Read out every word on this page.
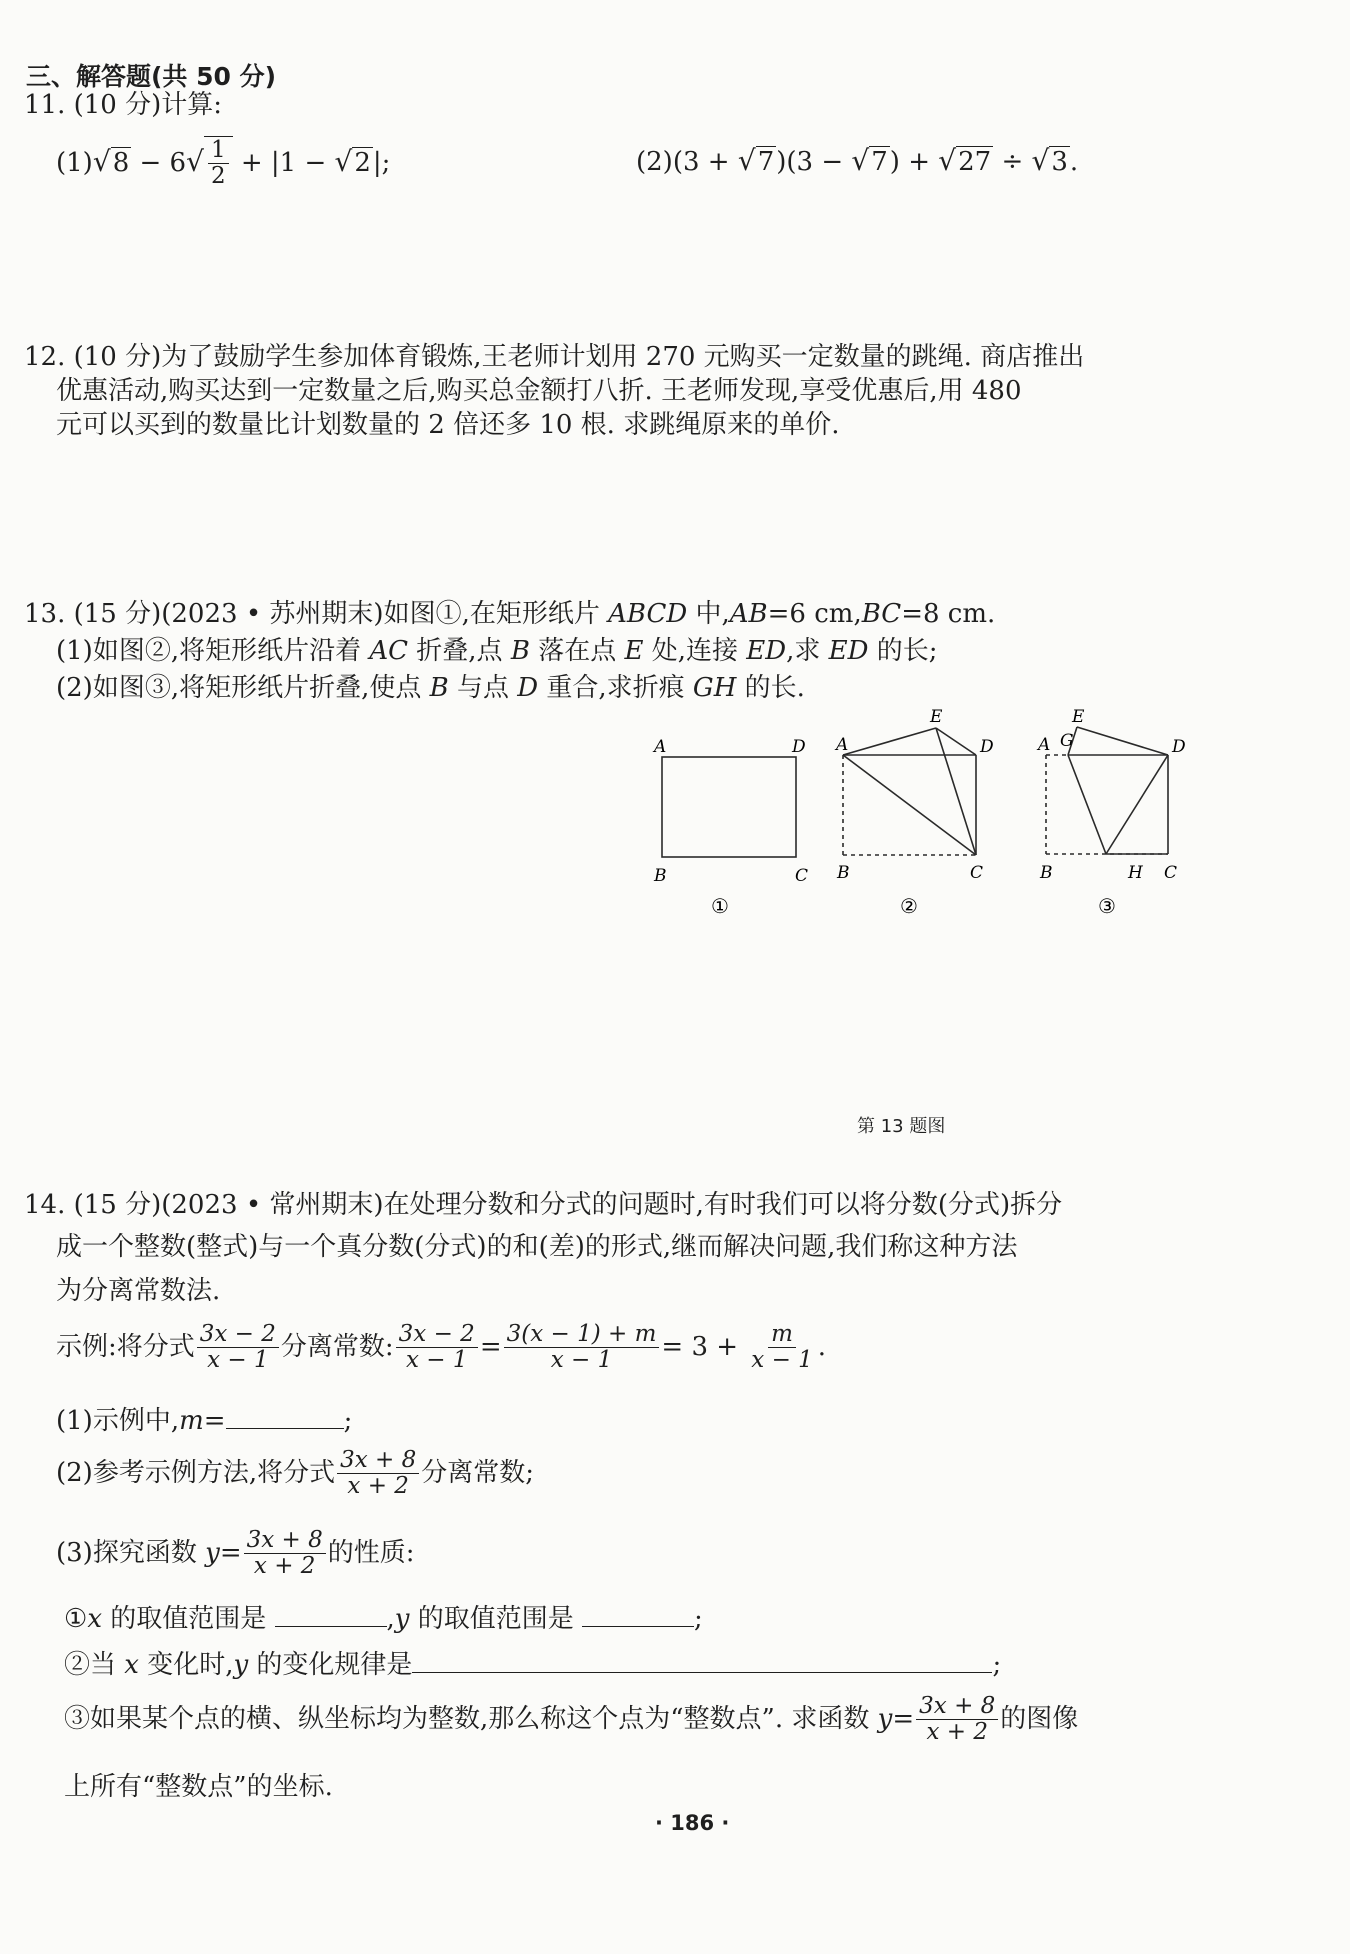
三、解答题(共 50 分)
11. (10 分)计算:
$(1)√8 - 6√ \frac{1}{2} + |1 - √2|$;	(2)(3 + √7)(3 − √7) + √27 ÷ √3.
12. (10 分)为了鼓励学生参加体育锻炼,王老师计划用 270 元购买一定数量的跳绳. 商店推出
优惠活动,购买达到一定数量之后,购买总金额打八折. 王老师发现,享受优惠后,用 480
元可以买到的数量比计划数量的 2 倍还多 10 根. 求跳绳原来的单价.
13. (15 分)(2023 • 苏州期末)如图①,在矩形纸片 ABCD 中,AB=6 cm,BC=8 cm.
(1)如图②,将矩形纸片沿着 AC 折叠,点 B 落在点 E 处,连接 ED,求 ED 的长;
(2)如图③,将矩形纸片折叠,使点 B 与点 D 重合,求折痕 GH 的长.
A	D
B	C
A	D
B	C
E
A G
E
D
B	H C
①	②	③
第 13 题图
14. (15 分)(2023 • 常州期末)在处理分数和分式的问题时,有时我们可以将分数(分式)拆分
成一个整数(整式)与一个真分数(分式)的和(差)的形式,继而解决问题,我们称这种方法
为分离常数法.
示例:将分式 $\frac{3x - 2}{x - 1}$ 分离常数: $\frac{3x - 2}{x - 1} = \frac{3(x - 1) + m}{x - 1} = 3 + \frac{m}{x - 1}$ .
(1)示例中,m=	;
(2)参考示例方法,将分式 $\frac{3x + 8}{x + 2}$ 分离常数;
(3)探究函数 $y= \frac{3x + 8}{x + 2}$ 的性质:
①x 的取值范围是	,y 的取值范围是	;
②当 x 变化时,y 的变化规律是	;
③如果某个点的横、纵坐标均为整数,那么称这个点为“整数点”. 求函数 $y= \frac{3x + 8}{x + 2}$ 的图像
上所有“整数点”的坐标.
· 186 ·
